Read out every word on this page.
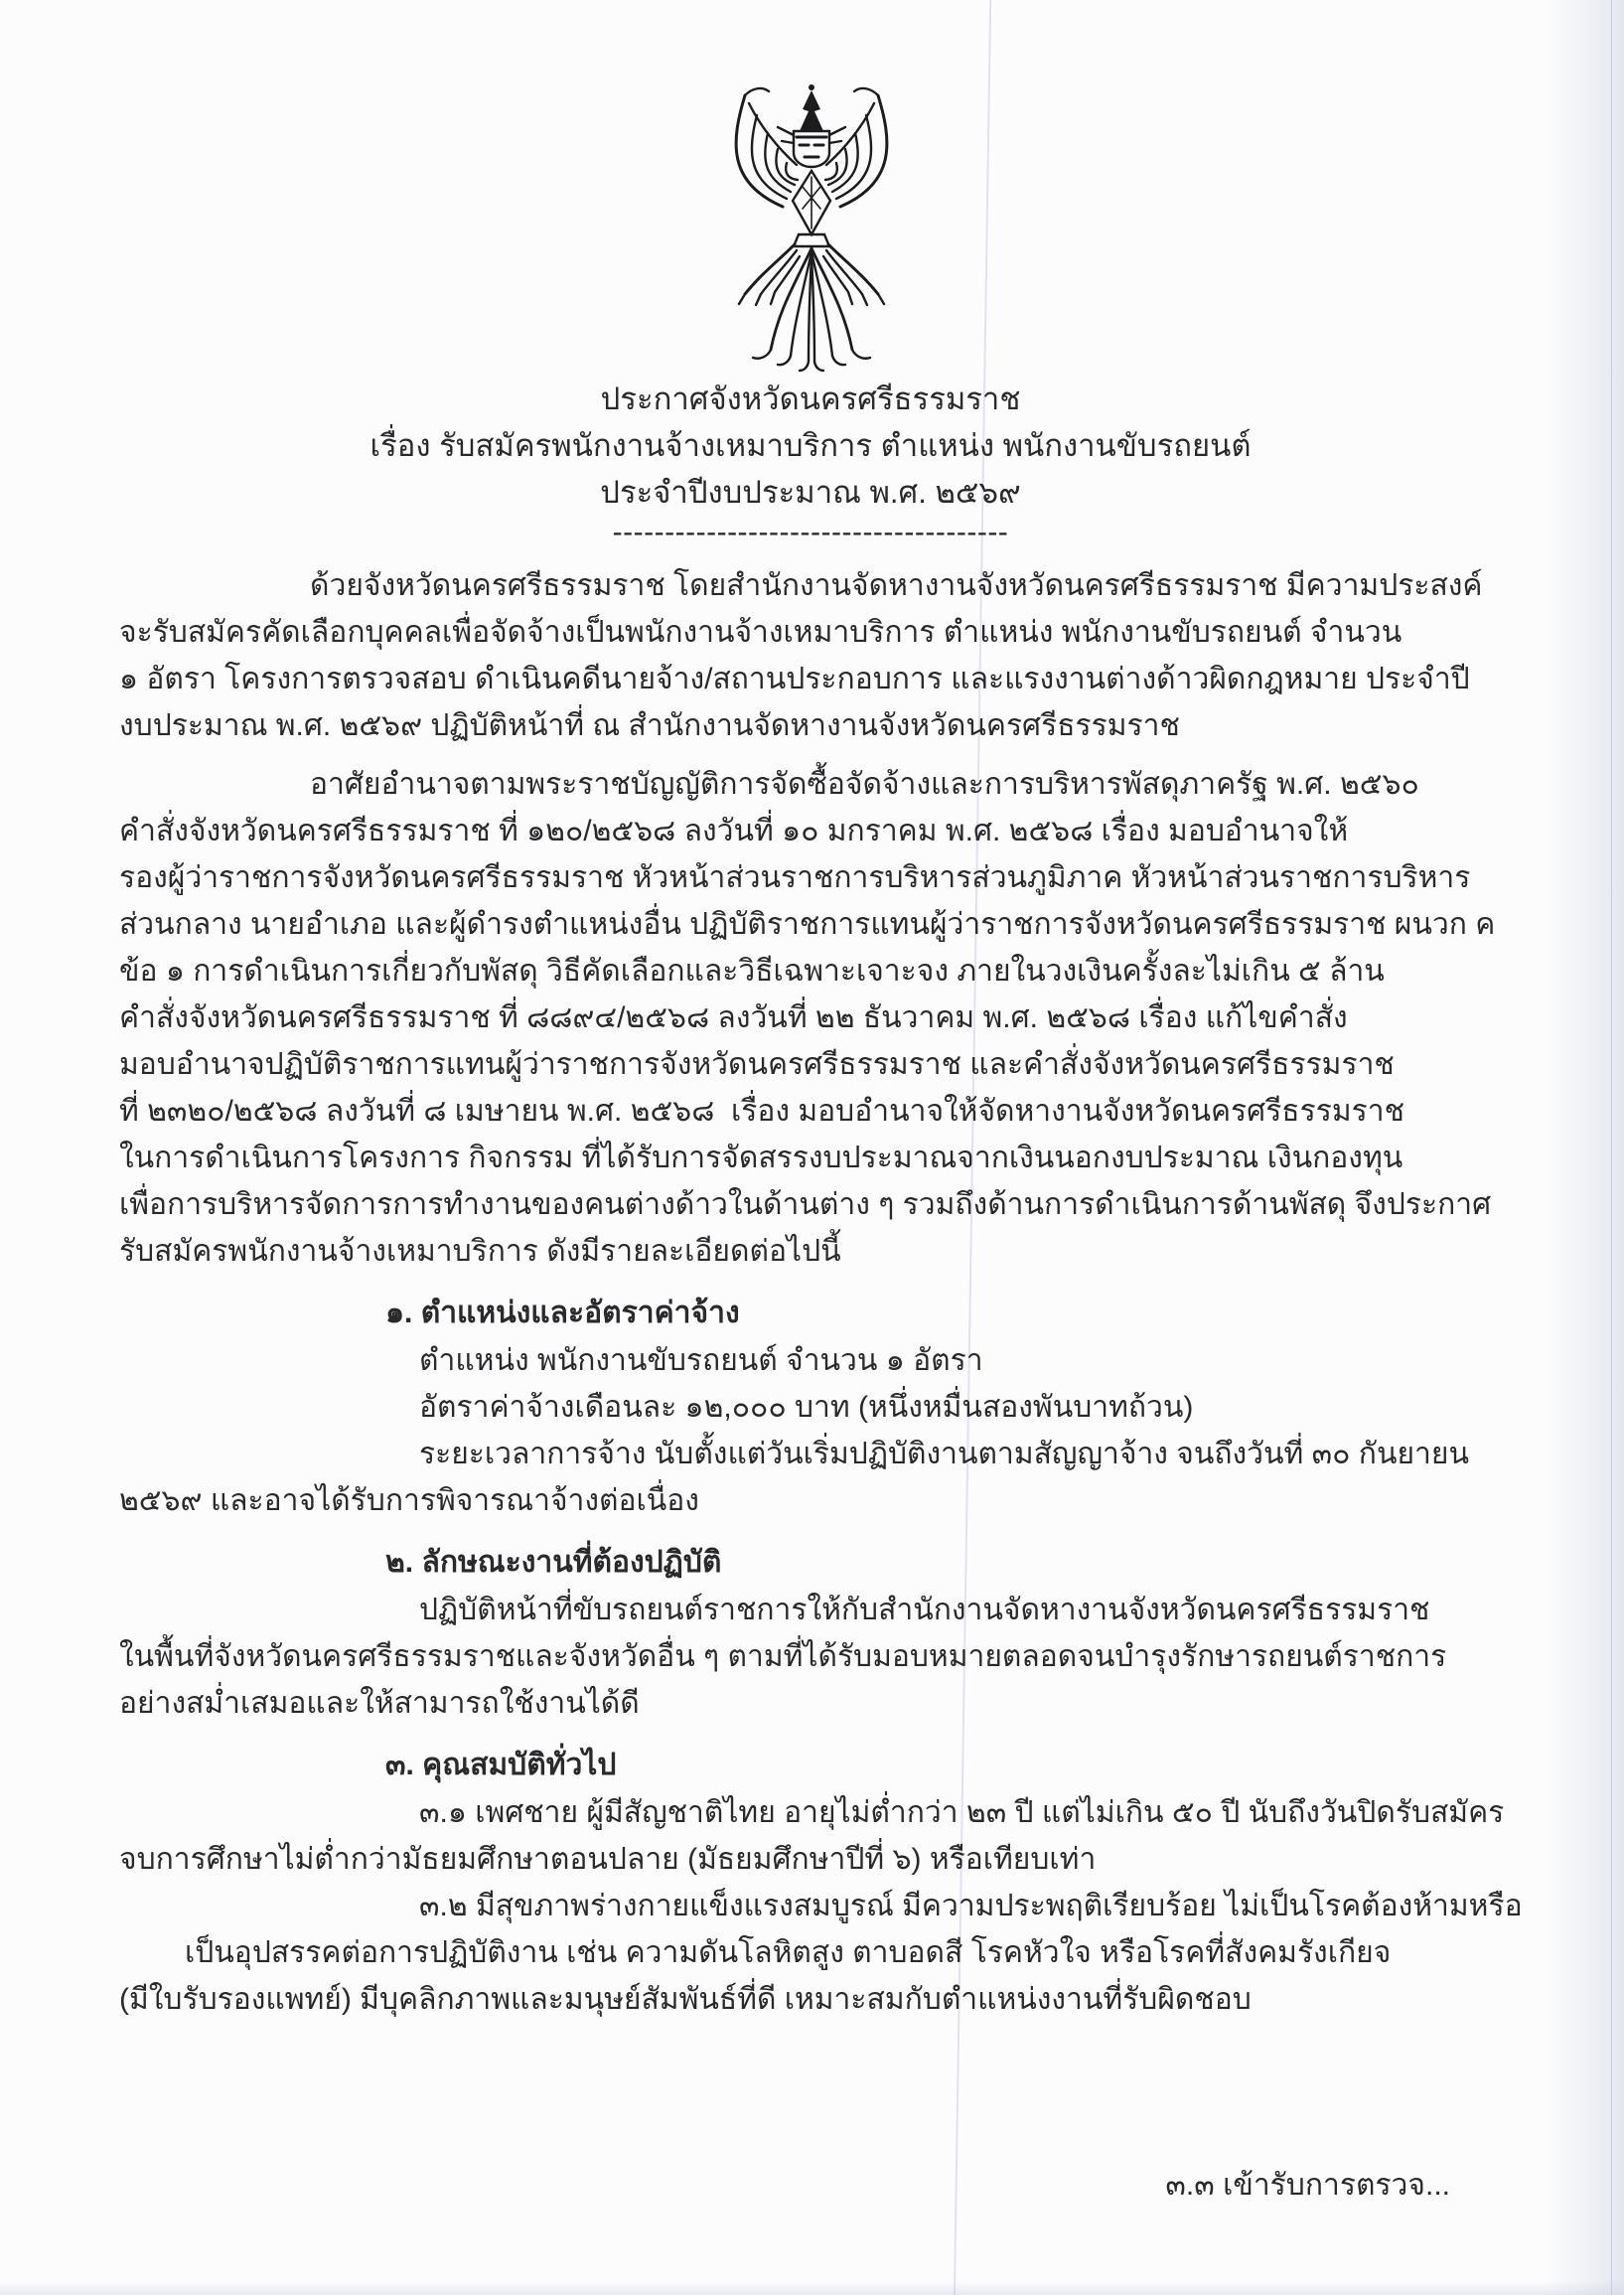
ประกาศจังหวัดนครศรีธรรมราช
เรื่อง รับสมัครพนักงานจ้างเหมาบริการ ตำแหน่ง พนักงานขับรถยนต์
ประจำปีงบประมาณ พ.ศ. ๒๕๖๙
--------------------------------------
ด้วยจังหวัดนครศรีธรรมราช โดยสำนักงานจัดหางานจังหวัดนครศรีธรรมราช มีความประสงค์
จะรับสมัครคัดเลือกบุคคลเพื่อจัดจ้างเป็นพนักงานจ้างเหมาบริการ ตำแหน่ง พนักงานขับรถยนต์ จำนวน
๑ อัตรา โครงการตรวจสอบ ดำเนินคดีนายจ้าง/สถานประกอบการ และแรงงานต่างด้าวผิดกฎหมาย ประจำปี
งบประมาณ พ.ศ. ๒๕๖๙ ปฏิบัติหน้าที่ ณ สำนักงานจัดหางานจังหวัดนครศรีธรรมราช
อาศัยอำนาจตามพระราชบัญญัติการจัดซื้อจัดจ้างและการบริหารพัสดุภาครัฐ พ.ศ. ๒๕๖๐
คำสั่งจังหวัดนครศรีธรรมราช ที่ ๑๒๐/๒๕๖๘ ลงวันที่ ๑๐ มกราคม พ.ศ. ๒๕๖๘ เรื่อง มอบอำนาจให้
รองผู้ว่าราชการจังหวัดนครศรีธรรมราช หัวหน้าส่วนราชการบริหารส่วนภูมิภาค หัวหน้าส่วนราชการบริหาร
ส่วนกลาง นายอำเภอ และผู้ดำรงตำแหน่งอื่น ปฏิบัติราชการแทนผู้ว่าราชการจังหวัดนครศรีธรรมราช ผนวก ค
ข้อ ๑ การดำเนินการเกี่ยวกับพัสดุ วิธีคัดเลือกและวิธีเฉพาะเจาะจง ภายในวงเงินครั้งละไม่เกิน ๕ ล้าน
คำสั่งจังหวัดนครศรีธรรมราช ที่ ๘๘๙๔/๒๕๖๘ ลงวันที่ ๒๒ ธันวาคม พ.ศ. ๒๕๖๘ เรื่อง แก้ไขคำสั่ง
มอบอำนาจปฏิบัติราชการแทนผู้ว่าราชการจังหวัดนครศรีธรรมราช และคำสั่งจังหวัดนครศรีธรรมราช
ที่ ๒๓๒๐/๒๕๖๘ ลงวันที่ ๘ เมษายน พ.ศ. ๒๕๖๘  เรื่อง มอบอำนาจให้จัดหางานจังหวัดนครศรีธรรมราช
ในการดำเนินการโครงการ กิจกรรม ที่ได้รับการจัดสรรงบประมาณจากเงินนอกงบประมาณ เงินกองทุน
เพื่อการบริหารจัดการการทำงานของคนต่างด้าวในด้านต่าง ๆ รวมถึงด้านการดำเนินการด้านพัสดุ จึงประกาศ
รับสมัครพนักงานจ้างเหมาบริการ ดังมีรายละเอียดต่อไปนี้
๑. ตำแหน่งและอัตราค่าจ้าง
ตำแหน่ง พนักงานขับรถยนต์ จำนวน ๑ อัตรา
อัตราค่าจ้างเดือนละ ๑๒,๐๐๐ บาท (หนึ่งหมื่นสองพันบาทถ้วน)
ระยะเวลาการจ้าง นับตั้งแต่วันเริ่มปฏิบัติงานตามสัญญาจ้าง จนถึงวันที่ ๓๐ กันยายน
๒๕๖๙ และอาจได้รับการพิจารณาจ้างต่อเนื่อง
๒. ลักษณะงานที่ต้องปฏิบัติ
ปฏิบัติหน้าที่ขับรถยนต์ราชการให้กับสำนักงานจัดหางานจังหวัดนครศรีธรรมราช
ในพื้นที่จังหวัดนครศรีธรรมราชและจังหวัดอื่น ๆ ตามที่ได้รับมอบหมายตลอดจนบำรุงรักษารถยนต์ราชการ
อย่างสม่ำเสมอและให้สามารถใช้งานได้ดี
๓. คุณสมบัติทั่วไป
๓.๑ เพศชาย ผู้มีสัญชาติไทย อายุไม่ต่ำกว่า ๒๓ ปี แต่ไม่เกิน ๕๐ ปี นับถึงวันปิดรับสมัคร
จบการศึกษาไม่ต่ำกว่ามัธยมศึกษาตอนปลาย (มัธยมศึกษาปีที่ ๖) หรือเทียบเท่า
๓.๒ มีสุขภาพร่างกายแข็งแรงสมบูรณ์ มีความประพฤติเรียบร้อย ไม่เป็นโรคต้องห้ามหรือ
เป็นอุปสรรคต่อการปฏิบัติงาน เช่น ความดันโลหิตสูง ตาบอดสี โรคหัวใจ หรือโรคที่สังคมรังเกียจ
(มีใบรับรองแพทย์) มีบุคลิกภาพและมนุษย์สัมพันธ์ที่ดี เหมาะสมกับตำแหน่งงานที่รับผิดชอบ
๓.๓ เข้ารับการตรวจ...
